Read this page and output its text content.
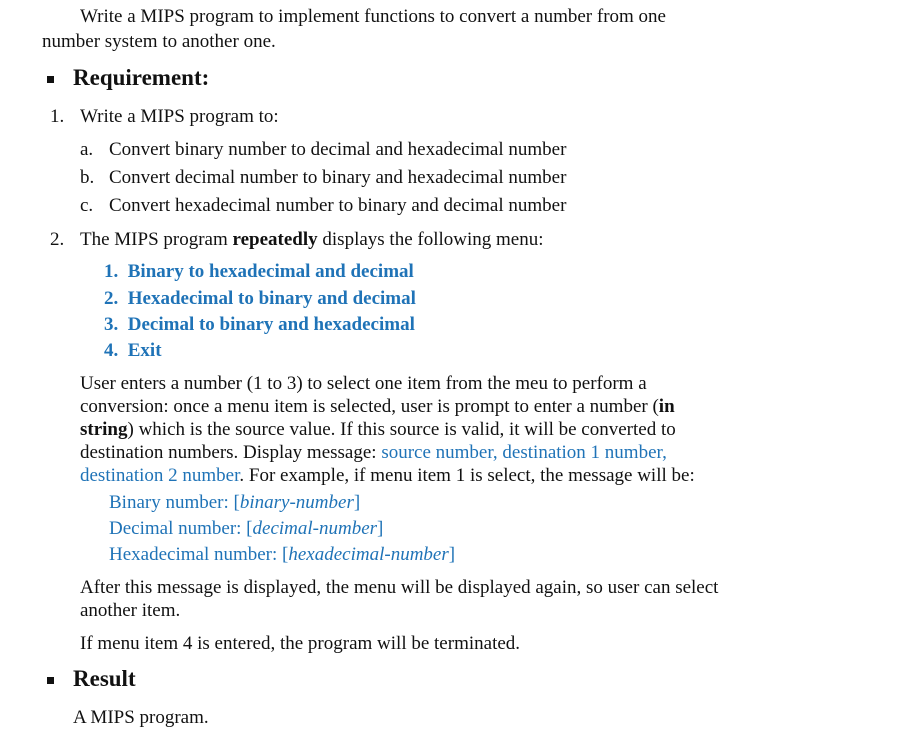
Write a MIPS program to implement functions to convert a number from one
number system to another one.
Requirement:
1. Write a MIPS program to:
a. Convert binary number to decimal and hexadecimal number
b. Convert decimal number to binary and hexadecimal number
c. Convert hexadecimal number to binary and decimal number
2. The MIPS program repeatedly displays the following menu:
1. Binary to hexadecimal and decimal
2. Hexadecimal to binary and decimal
3. Decimal to binary and hexadecimal
4. Exit
User enters a number (1 to 3) to select one item from the meu to perform a
conversion: once a menu item is selected, user is prompt to enter a number (in
string) which is the source value. If this source is valid, it will be converted to
destination numbers. Display message: source number, destination 1 number,
destination 2 number. For example, if menu item 1 is select, the message will be:
Binary number: [binary-number]
Decimal number: [decimal-number]
Hexadecimal number: [hexadecimal-number]
After this message is displayed, the menu will be displayed again, so user can select
another item.
If menu item 4 is entered, the program will be terminated.
Result
A MIPS program.
